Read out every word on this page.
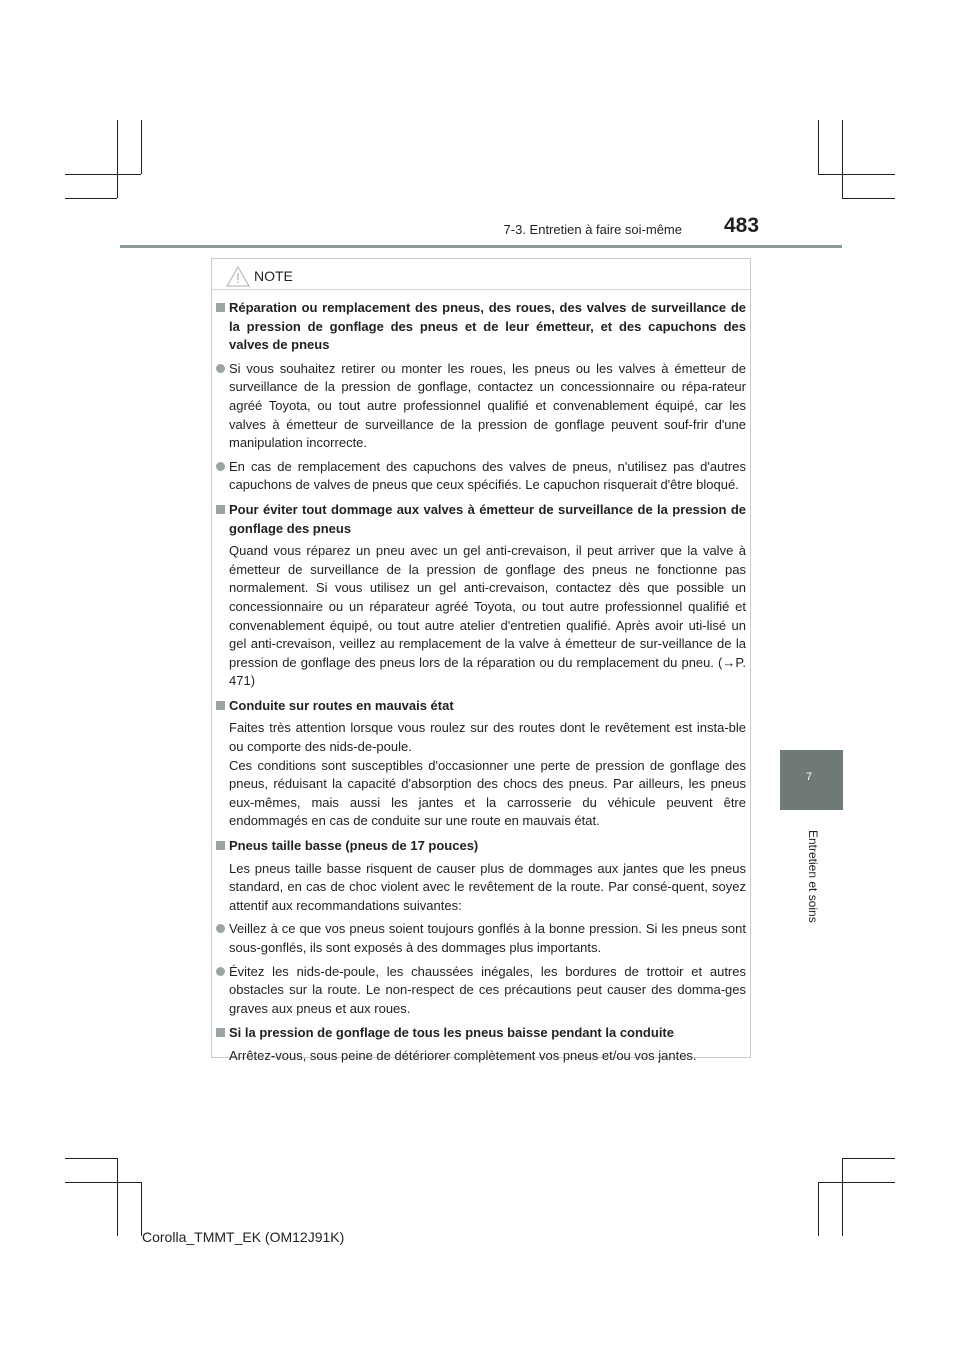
7-3. Entretien à faire soi-même 483
7
Entretien et soins
NOTE
Réparation ou remplacement des pneus, des roues, des valves de surveillance de la pression de gonflage des pneus et de leur émetteur, et des capuchons des valves de pneus
Si vous souhaitez retirer ou monter les roues, les pneus ou les valves à émetteur de surveillance de la pression de gonflage, contactez un concessionnaire ou répa-rateur agréé Toyota, ou tout autre professionnel qualifié et convenablement équipé, car les valves à émetteur de surveillance de la pression de gonflage peuvent souf-frir d'une manipulation incorrecte.
En cas de remplacement des capuchons des valves de pneus, n'utilisez pas d'autres capuchons de valves de pneus que ceux spécifiés. Le capuchon risquerait d'être bloqué.
Pour éviter tout dommage aux valves à émetteur de surveillance de la pression de gonflage des pneus
Quand vous réparez un pneu avec un gel anti-crevaison, il peut arriver que la valve à émetteur de surveillance de la pression de gonflage des pneus ne fonctionne pas normalement. Si vous utilisez un gel anti-crevaison, contactez dès que possible un concessionnaire ou un réparateur agréé Toyota, ou tout autre professionnel qualifié et convenablement équipé, ou tout autre atelier d'entretien qualifié. Après avoir uti-lisé un gel anti-crevaison, veillez au remplacement de la valve à émetteur de sur-veillance de la pression de gonflage des pneus lors de la réparation ou du remplacement du pneu. (→P. 471)
Conduite sur routes en mauvais état
Faites très attention lorsque vous roulez sur des routes dont le revêtement est insta-ble ou comporte des nids-de-poule.
Ces conditions sont susceptibles d'occasionner une perte de pression de gonflage des pneus, réduisant la capacité d'absorption des chocs des pneus. Par ailleurs, les pneus eux-mêmes, mais aussi les jantes et la carrosserie du véhicule peuvent être endommagés en cas de conduite sur une route en mauvais état.
Pneus taille basse (pneus de 17 pouces)
Les pneus taille basse risquent de causer plus de dommages aux jantes que les pneus standard, en cas de choc violent avec le revêtement de la route. Par consé-quent, soyez attentif aux recommandations suivantes:
Veillez à ce que vos pneus soient toujours gonflés à la bonne pression. Si les pneus sont sous-gonflés, ils sont exposés à des dommages plus importants.
Évitez les nids-de-poule, les chaussées inégales, les bordures de trottoir et autres obstacles sur la route. Le non-respect de ces précautions peut causer des domma-ges graves aux pneus et aux roues.
Si la pression de gonflage de tous les pneus baisse pendant la conduite
Arrêtez-vous, sous peine de détériorer complètement vos pneus et/ou vos jantes.
Corolla_TMMT_EK (OM12J91K)
